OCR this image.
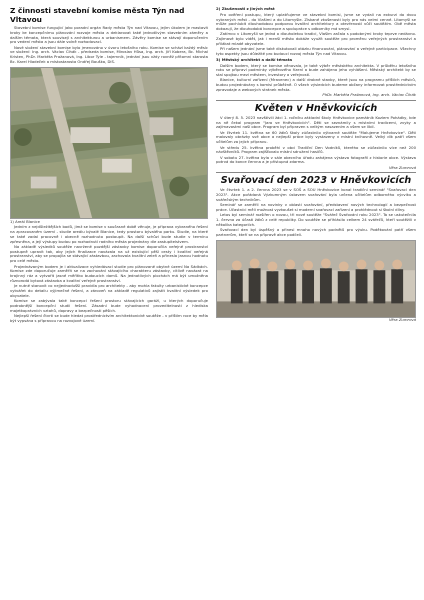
Z činnosti stavební komise města Týn nad Vltavou

Stavební komise fungující jako poradní orgán Rady města Týn nad Vltavou, jejím úkolem je mastavit kroky ke koncepčnímu plánování rozvoje města a deklarovat také jednotlivým stavebním záměry a dalším témata, která souvisejí s architekturou a urbanismem. Závěry komise se stávají doporučením pro vedení města a jsou dále volně rozhodovací.

Nové složení stavební komise bylo jmenováno v úvoru letošního roku. Komise se schází každý měsíc ve složení: Ing. arch. Václav Čihák - předseda komise, Miroslav Hůsa, Ing. arch. Jiří Kobera, Bc. Michal Kristen, PhDr. Markéta Pražanová, Ing. Libor Tyle - tajemník, jednání jsou vždy rovněž přítomni starosta Bc. Karel Hladeček a místostarosta Ondřej Bouška, DiS.

1) Areál Blanice

Jedním z nejdůležitějších bodů, jimž se komise v současné době věnuje, je připrava vybraného řešení na zpracovaném území - studie areálu bývalé Blanice, tedy prostoru bývalého parku. Studie, na které se také zadal pracovně i obecně rozhodnuto postoupit. Na další schůzi bude studie v termínu zpřesněna, a její výstupy budou po rozhodnutí radního města projednány dle zastupitelstvem.

Na základě výsledků soutěže navržené pozdější zástavby komise doporučila veřejné prostranství postupně upravit tak, aby jejich finalizace navázala na už existující pěší cesty i kvalitní veřejná prostranství, aby se propojila se stávající zástavbou, zachovala kvalitní zeleň a přinesla jasnou hodnotu pro celé město.

Projednávaným bodem je i aktualizace vyhledávací studie pro plánované obytné území Na Sádkách. Komise zde doporučuje zaměřit se na zachování stávajícího charakteru zástavby, citlivě navázat na krajinný ráz a vytvořit jasné měřítko budoucích domů. Na jednotlivých plochách má být umožněna různorodá bytová zástavba a kvalitní veřejné prostranství.

Je nutné stanovit co nejjednodušší pravidla pro architekty - aby mohla fakulty urbanistické koncepce vytvářet do detailu výjimečné řešení, a zároveň na základě regulativů zajistit kvalitní výsledek pro obyvatele.

Komise se zabývala také koncepcí řešení prostoru stávajících garáží, u kterých doporučuje podrobnější koncepční studii řešení. Zásadní bude vyhodnocení proveditelnosti z hlediska majetkoprávních vztahů, dopravy a bezpečnosti pěších.

Nejlepší řešení čtvrti se bude hledat prostřednictvím architektonické soutěže - v příštím roce by měla být vypsána s přípravou na rozvojové území.

2) Zkušenosti z jiných měst

Pro ověření postupu, který uplatňujeme ve stavební komisi, jsme se vydali na exkurzi do dvou vybraných měst - do Vlašimi a do Litomyšle. Získané zkušenosti byly pro nás velmi cenné. Litomyšl se může pochlubit dlouhodobou podporou kvalitní architektury a otevřeností vůči soutěžím. Obě města dokazují, že dlouhodobá koncepce a spolupráce s odborníky má smysl.

Zatímco v Litomyšli se jedná o dlouholetou tradici, Vlašim začala s podobnými kroky teprve nedávno. Zajímavé bylo vidět, jak i menší město dokáže využít soutěže pro proměnu veřejných prostranství a přilákat mladé obyvatele.

Při našem jednání jsme také diskutovali otázku financování, plánování a veřejné participace. Všechny tyto aspekty jsou důležité pro budoucí rozvoj města Týn nad Vltavou.

3) Městský architekt a další témata

Dalším bodem, který se komise věnovala, je také výběr městského architekta. V průběhu letošního roku se připraví podmínky výběrového řízení a bude zahájeno jeho vyhlášení. Městský architekt by se stal spojkou mezi městem, investory a veřejností.

Blanice, kulturní zařízení (Mravenec) a další drobné stavby, které jsou na programu příštích měsíců, budou projednávány s komisí průběžně. O všech výsledcích budeme občany informovat prostřednictvím zpravodaje a webových stránek města.

PhDr. Markéta Pražanová, Ing. arch. Václav Čihák
Květen v Hněvkovicích

V úterý 8. 5. 2023 navštívili žáci 1. ročníku základní školy Hněvkovice památník Kozlem Pohádky, kde na ně čekal program "Jaro ve Hněvkovicích". Děti se seznámily s místními tradicemi, zvyky a zajímavostmi naší obce. Program byl připraven s velkým nasazením a všem se líbil.

Ve čtvrtek 11. května se 60 žáků školy zúčastnilo výtvarné soutěže "Malujeme Hněvkovice". Děti malovaly obrázky své obce a nejlepší práce byly vystaveny v místní knihovně. Velký dík patří všem učitelům za jejich přípravu.

Ve středu 25. května proběhl v obci Tradiční Den Vodníků, kterého se zúčastnilo více než 200 návštěvníků. Program zajišťovalo místní sdružení hasičů.

V sobotu 27. května byla v sále obecního úřadu zahájena výstava fotografií z historie obce. Výstava potrvá do konce června a je přístupná zdarma.

Věra Zumrová
Svařovací den 2023 v Hněvkovicích

Ve čtvrtek 1. a 2. června 2023 se v SOŠ a SOU Hněvkovice konal tradiční seminář "Svařovací den 2023". Akce pořádaná Výzkumným ústavem svařování byla určena učitelům odborného výcviku a svářečským technikům.

Seminář se zaměřil na novinky v oblasti svařování, představení nových technologií a bezpečnost práce. Účastníci měli možnost vyzkoušet si moderní svařovací zařízení a prohlédnout si školní dílny.

Letos byl seminář rozšířen o novou, tři nové soutěže "Svářeč Svařování roku 2023". Ta se uskutečnila 1. června za účasti žáků z celé republiky. Do soutěže se přihlásilo celkem 24 svářečů, kteří soutěžili v několika kategoriích.

Svařovací den byl úspěšný a přinesl mnoho nových podnětů pro výuku. Poděkování patří všem partnerům, kteří se na přípravě akce podíleli.

Věra Zumrová
